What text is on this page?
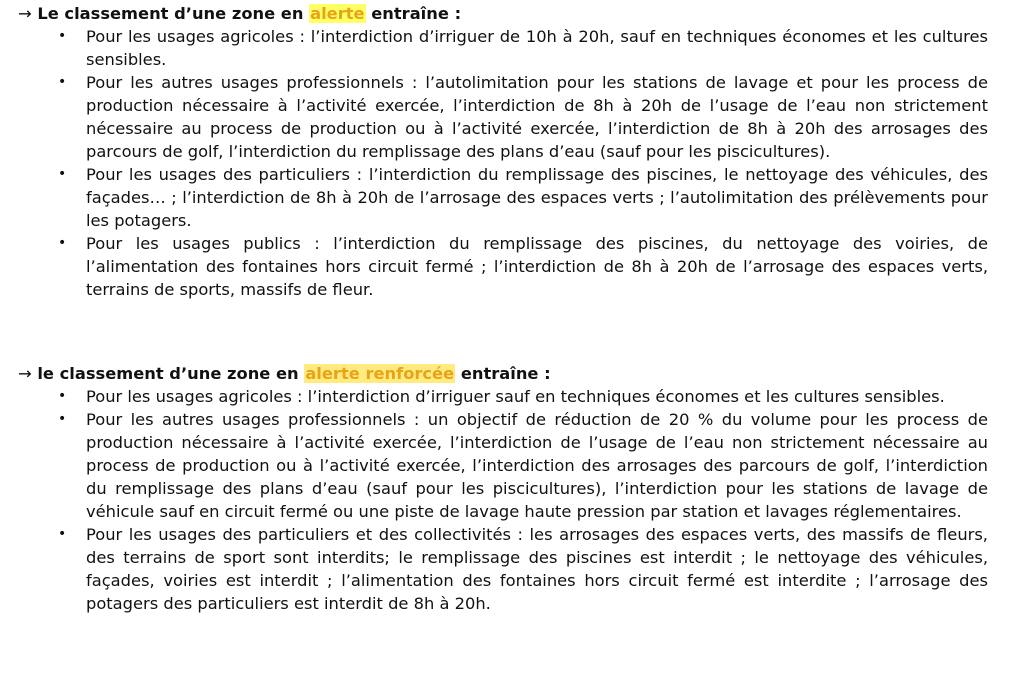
→ Le classement d’une zone en alerte entraîne :
• Pour les usages agricoles : l’interdiction d’irriguer de 10h à 20h, sauf en techniques économes et les cultures sensibles.
• Pour les autres usages professionnels : l’autolimitation pour les stations de lavage et pour les process de production nécessaire à l’activité exercée, l’interdiction de 8h à 20h de l’usage de l’eau non strictement nécessaire au process de production ou à l’activité exercée, l’interdiction de 8h à 20h des arrosages des parcours de golf, l’interdiction du remplissage des plans d’eau (sauf pour les piscicultures).
• Pour les usages des particuliers : l’interdiction du remplissage des piscines, le nettoyage des véhicules, des façades… ; l’interdiction de 8h à 20h de l’arrosage des espaces verts ; l’autolimitation des prélèvements pour les potagers.
• Pour les usages publics : l’interdiction du remplissage des piscines, du nettoyage des voiries, de l’alimentation des fontaines hors circuit fermé ; l’interdiction de 8h à 20h de l’arrosage des espaces verts, terrains de sports, massifs de fleur.
→ le classement d’une zone en alerte renforcée entraîne :
• Pour les usages agricoles : l’interdiction d’irriguer sauf en techniques économes et les cultures sensibles.
• Pour les autres usages professionnels : un objectif de réduction de 20 % du volume pour les process de production nécessaire à l’activité exercée, l’interdiction de l’usage de l’eau non strictement nécessaire au process de production ou à l’activité exercée, l’interdiction des arrosages des parcours de golf, l’interdiction du remplissage des plans d’eau (sauf pour les piscicultures), l’interdiction pour les stations de lavage de véhicule sauf en circuit fermé ou une piste de lavage haute pression par station et lavages réglementaires.
• Pour les usages des particuliers et des collectivités : les arrosages des espaces verts, des massifs de fleurs, des terrains de sport sont interdits; le remplissage des piscines est interdit ; le nettoyage des véhicules, façades, voiries est interdit ; l’alimentation des fontaines hors circuit fermé est interdite ; l’arrosage des potagers des particuliers est interdit de 8h à 20h.
